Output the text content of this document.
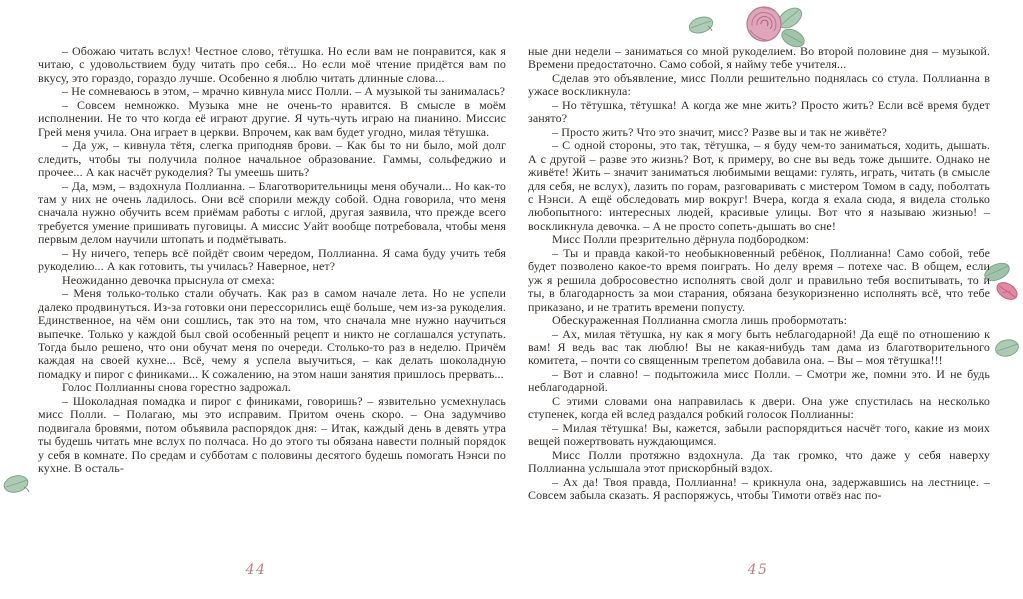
– Обожаю читать вслух! Честное слово, тётушка. Но если вам не понравится, как я читаю, с удовольствием буду читать про себя... Но если моё чтение придётся вам по вкусу, это гораздо, гораздо лучше. Особенно я люблю читать длинные слова...

– Не сомневаюсь в этом, – мрачно кивнула мисс Полли. – А музыкой ты занималась?

– Совсем немножко. Музыка мне не очень-то нравится. В смысле в моём исполнении. Не то что когда её играют другие. Я чуть-чуть играю на пианино. Миссис Грей меня учила. Она играет в церкви. Впрочем, как вам будет угодно, милая тётушка.

– Да уж, – кивнула тётя, слегка приподняв брови. – Как бы то ни было, мой долг следить, чтобы ты получила полное начальное образование. Гаммы, сольфеджио и прочее... А как насчёт рукоделия? Ты умеешь шить?

– Да, мэм, – вздохнула Поллианна. – Благотворительницы меня обучали... Но как-то там у них не очень ладилось. Они всё спорили между собой. Одна говорила, что меня сначала нужно обучить всем приёмам работы с иглой, другая заявила, что прежде всего требуется умение пришивать пуговицы. А миссис Уайт вообще потребовала, чтобы меня первым делом научили штопать и подмётывать.

– Ну ничего, теперь всё пойдёт своим чередом, Поллианна. Я сама буду учить тебя рукоделию... А как готовить, ты училась? Наверное, нет?

Неожиданно девочка прыснула от смеха:

– Меня только-только стали обучать. Как раз в самом начале лета. Но не успели далеко продвинуться. Из-за готовки они перессорились ещё больше, чем из-за рукоделия. Единственное, на чём они сошлись, так это на том, что сначала мне нужно научиться выпечке. Только у каждой был свой особенный рецепт и никто не соглашался уступать. Тогда было решено, что они обучат меня по очереди. Столько-то раз в неделю. Причём каждая на своей кухне... Всё, чему я успела выучиться, – как делать шоколадную помадку и пирог с финиками... К сожалению, на этом наши занятия пришлось прервать...

Голос Поллианны снова горестно задрожал.

– Шоколадная помадка и пирог с финиками, говоришь? – язвительно усмехнулась мисс Полли. – Полагаю, мы это исправим. Притом очень скоро. – Она задумчиво подвигала бровями, потом объявила распорядок дня: – Итак, каждый день в девять утра ты будешь читать мне вслух по полчаса. Но до этого ты обязана навести полный порядок у себя в комнате. По средам и субботам с половины десятого будешь помогать Нэнси по кухне. В осталь-

44

ные дни недели – заниматься со мной рукоделием. Во второй половине дня – музыкой. Времени предостаточно. Само собой, я найму тебе учителя...

Сделав это объявление, мисс Полли решительно поднялась со стула. Поллианна в ужасе воскликнула:

– Но тётушка, тётушка! А когда же мне жить? Просто жить? Если всё время будет занято?

– Просто жить? Что это значит, мисс? Разве вы и так не живёте?

– С одной стороны, это так, тётушка, – я буду чем-то заниматься, ходить, дышать. А с другой – разве это жизнь? Вот, к примеру, во сне вы ведь тоже дышите. Однако не живёте! Жить – значит заниматься любимыми вещами: гулять, играть, читать (в смысле для себя, не вслух), лазить по горам, разговаривать с мистером Томом в саду, поболтать с Нэнси. А ещё обследовать мир вокруг! Вчера, когда я ехала сюда, я видела столько любопытного: интересных людей, красивые улицы. Вот что я называю жизнью! – воскликнула девочка. – А не просто сопеть-дышать во сне!

Мисс Полли презрительно дёрнула подбородком:

– Ты и правда какой-то необыкновенный ребёнок, Поллианна! Само собой, тебе будет позволено какое-то время поиграть. Но делу время – потехе час. В общем, если уж я решила добросовестно исполнять свой долг и правильно тебя воспитывать, то и ты, в благодарность за мои старания, обязана безукоризненно исполнять всё, что тебе приказано, и не тратить времени попусту.

Обескураженная Поллианна смогла лишь пробормотать:

– Ах, милая тётушка, ну как я могу быть неблагодарной! Да ещё по отношению к вам! Я ведь вас так люблю! Вы не какая-нибудь там дама из благотворительного комитета, – почти со священным трепетом добавила она. – Вы – моя тётушка!!!

– Вот и славно! – подытожила мисс Полли. – Смотри же, помни это. И не будь неблагодарной.

С этими словами она направилась к двери. Она уже спустилась на несколько ступенек, когда ей вслед раздался робкий голосок Поллианны:

– Милая тётушка! Вы, кажется, забыли распорядиться насчёт того, какие из моих вещей пожертвовать нуждающимся.

Мисс Полли протяжно вздохнула. Да так громко, что даже у себя наверху Поллианна услышала этот прискорбный вздох.

– Ах да! Твоя правда, Поллианна! – крикнула она, задержавшись на лестнице. – Совсем забыла сказать. Я распоряжусь, чтобы Тимоти отвёз нас по-

45
